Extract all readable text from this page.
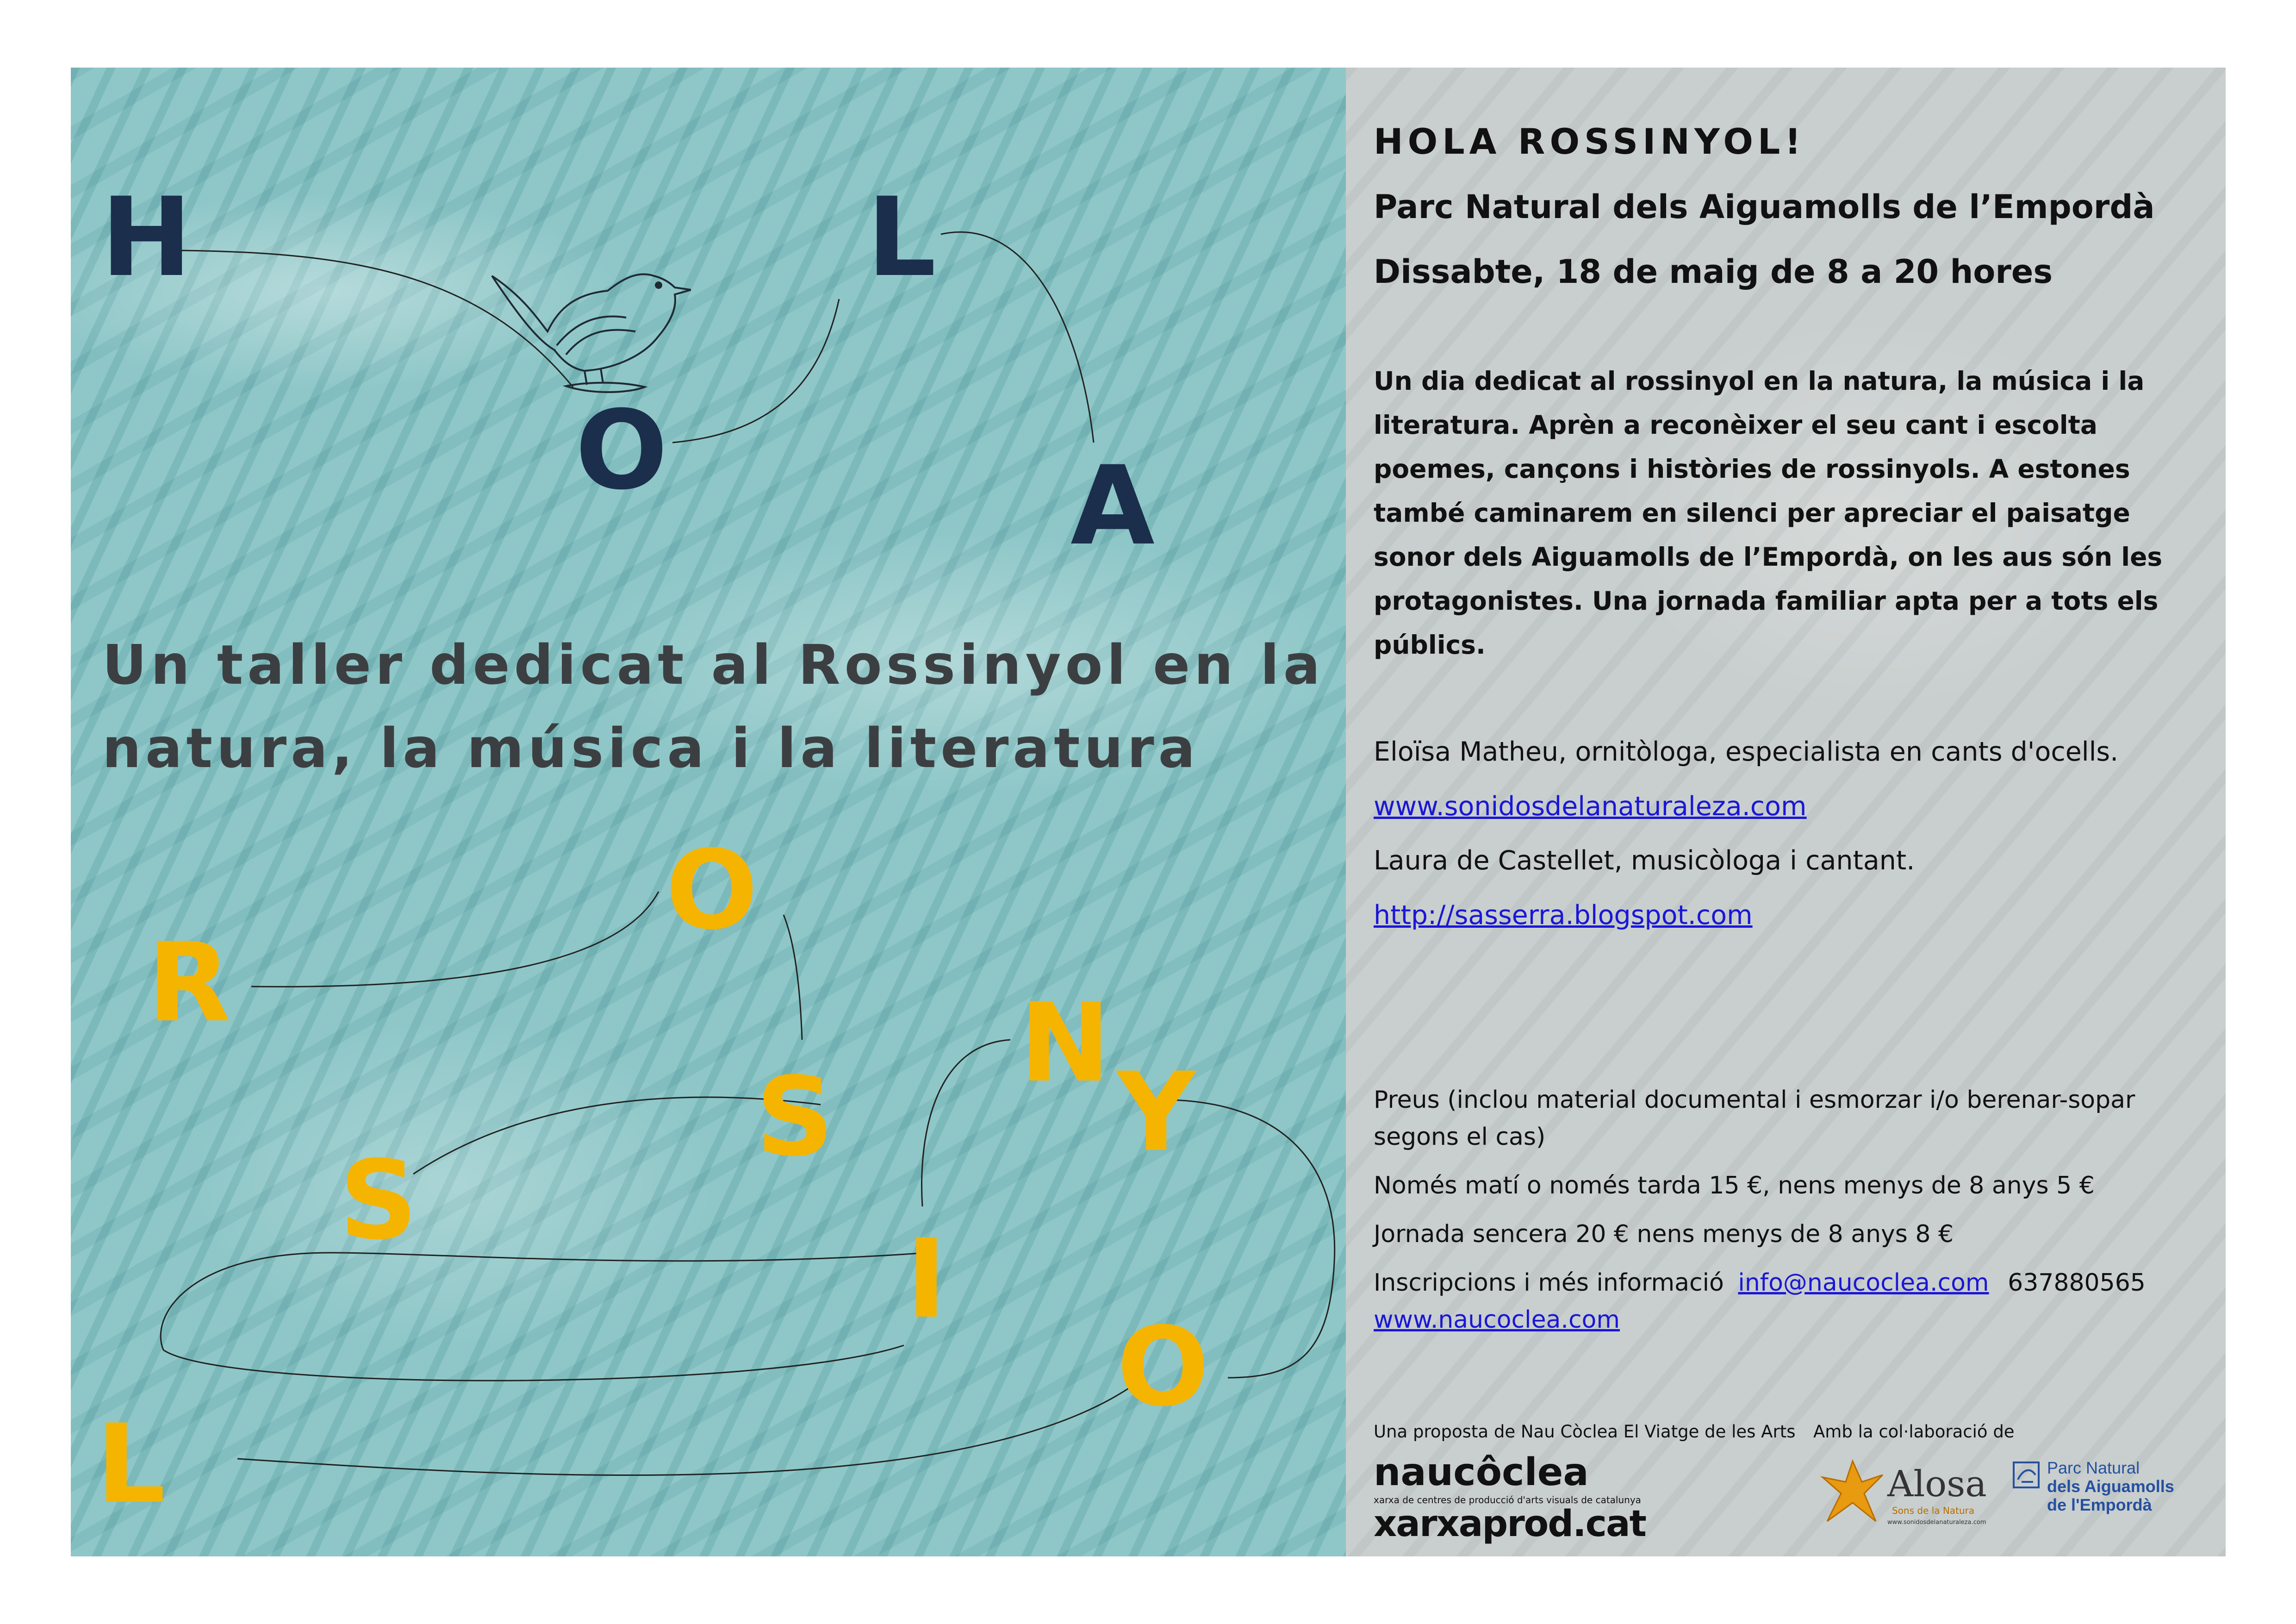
H
O
L
A
Un taller dedicat al Rossinyol en la natura, la música i la literatura
R
O
S
S
I
N
Y
O
L
HOLA ROSSINYOL!
Parc Natural dels Aiguamolls de l’Empordà
Dissabte, 18 de maig de 8 a 20 hores

Un dia dedicat al rossinyol en la natura, la música i la literatura. Aprèn a reconèixer el seu cant i escolta poemes, cançons i històries de rossinyols. A estones també caminarem en silenci per apreciar el paisatge sonor dels Aiguamolls de l’Empordà, on les aus són les protagonistes. Una jornada familiar apta per a tots els públics.

Eloïsa Matheu, ornitòloga, especialista en cants d'ocells.
www.sonidosdelanaturaleza.com
Laura de Castellet, musicòloga i cantant.
http://sasserra.blogspot.com
Preus (inclou material documental i esmorzar i/o berenar-sopar segons el cas)
Només matí o només tarda 15 €, nens menys de 8 anys 5 €
Jornada sencera 20 € nens menys de 8 anys 8 €
Inscripcions i més informació info@naucoclea.com 637880565
www.naucoclea.com
Una proposta de Nau Còclea El Viatge de les Arts Amb la col·laboració de
naucôclea
xarxa de centres de producció d'arts visuals de catalunya
xarxaprod.cat
Alosa
Sons de la Natura
www.sonidosdelanaturaleza.com
Parc Natural
dels Aiguamolls
de l'Empordà
